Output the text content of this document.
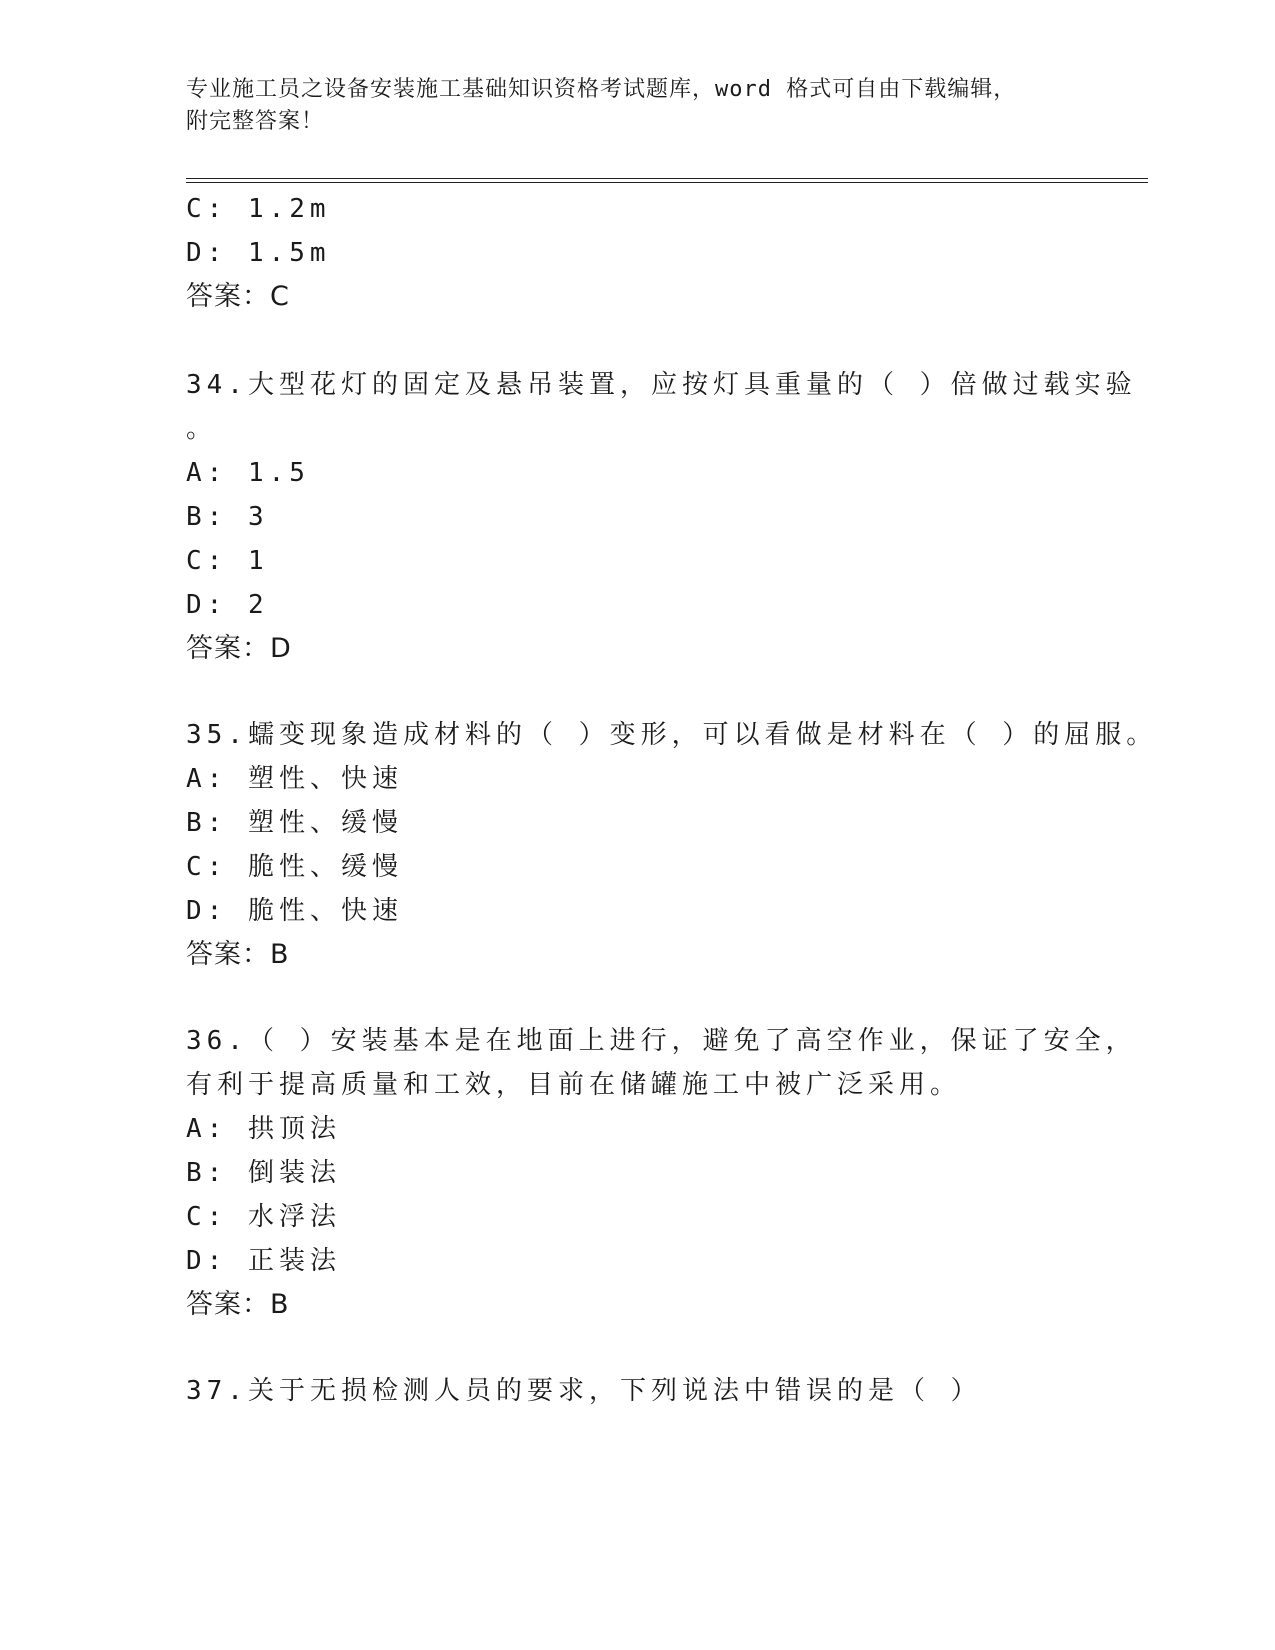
专业施工员之设备安装施工基础知识资格考试题库，word 格式可自由下载编辑，
附完整答案！
C: 1.2m
D: 1.5m
答案：C
34.大型花灯的固定及悬吊装置，应按灯具重量的（ ）倍做过载实验
。
A: 1.5
B: 3
C: 1
D: 2
答案：D
35.蠕变现象造成材料的（ ）变形，可以看做是材料在（ ）的屈服。
A: 塑性、快速
B: 塑性、缓慢
C: 脆性、缓慢
D: 脆性、快速
答案：B
36.（ ）安装基本是在地面上进行，避免了高空作业，保证了安全，
有利于提高质量和工效，目前在储罐施工中被广泛采用。
A: 拱顶法
B: 倒装法
C: 水浮法
D: 正装法
答案：B
37.关于无损检测人员的要求，下列说法中错误的是（ ）
